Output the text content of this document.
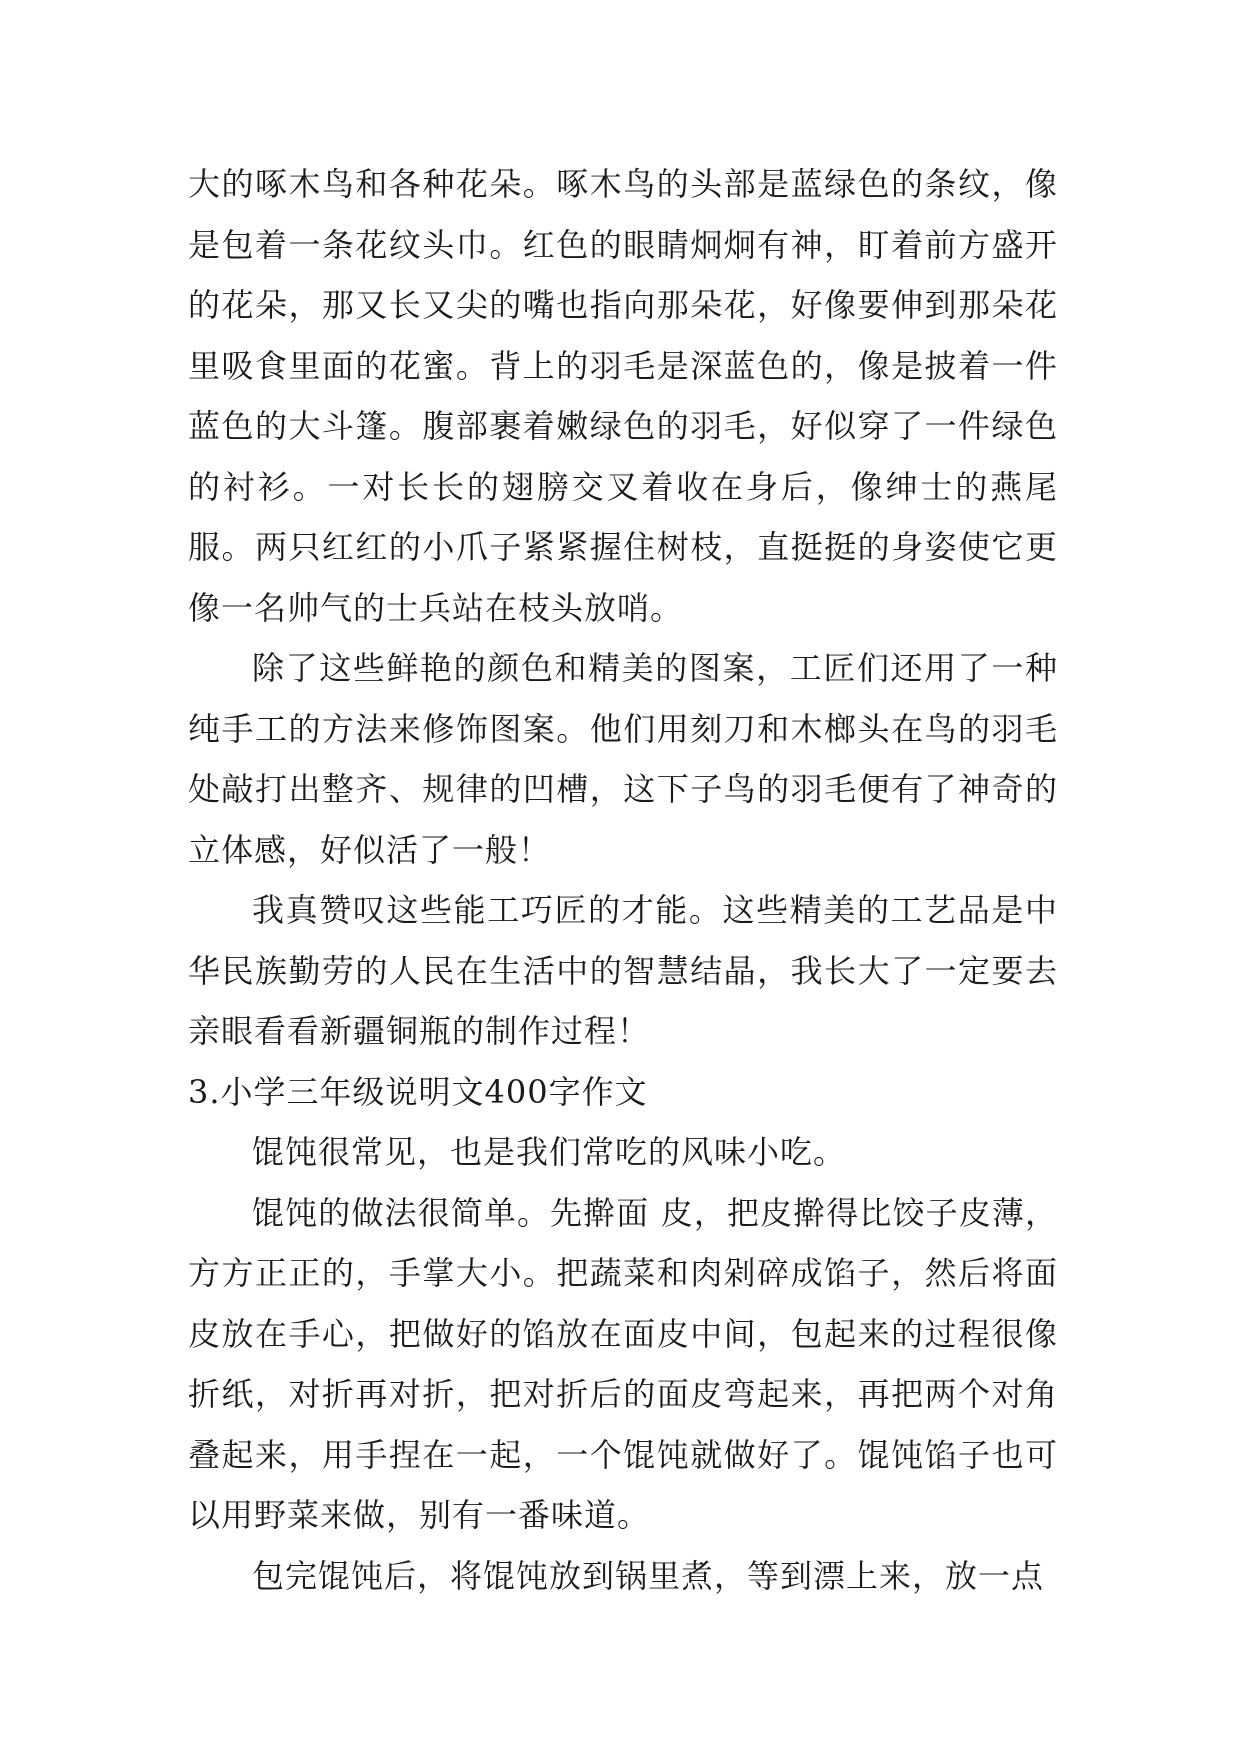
大的啄木鸟和各种花朵。啄木鸟的头部是蓝绿色的条纹，像是包着一条花纹头巾。红色的眼睛炯炯有神，盯着前方盛开的花朵，那又长又尖的嘴也指向那朵花，好像要伸到那朵花里吸食里面的花蜜。背上的羽毛是深蓝色的，像是披着一件蓝色的大斗篷。腹部裹着嫩绿色的羽毛，好似穿了一件绿色的衬衫。一对长长的翅膀交叉着收在身后，像绅士的燕尾服。两只红红的小爪子紧紧握住树枝，直挺挺的身姿使它更像一名帅气的士兵站在枝头放哨。

除了这些鲜艳的颜色和精美的图案，工匠们还用了一种纯手工的方法来修饰图案。他们用刻刀和木榔头在鸟的羽毛处敲打出整齐、规律的凹槽，这下子鸟的羽毛便有了神奇的立体感，好似活了一般！

我真赞叹这些能工巧匠的才能。这些精美的工艺品是中华民族勤劳的人民在生活中的智慧结晶，我长大了一定要去亲眼看看新疆铜瓶的制作过程！

3.小学三年级说明文400字作文

馄饨很常见，也是我们常吃的风味小吃。

馄饨的做法很简单。先擀面 皮，把皮擀得比饺子皮薄，方方正正的，手掌大小。把蔬菜和肉剁碎成馅子，然后将面皮放在手心，把做好的馅放在面皮中间，包起来的过程很像折纸，对折再对折，把对折后的面皮弯起来，再把两个对角叠起来，用手捏在一起，一个馄饨就做好了。馄饨馅子也可以用野菜来做，别有一番味道。

包完馄饨后，将馄饨放到锅里煮，等到漂上来，放一点
